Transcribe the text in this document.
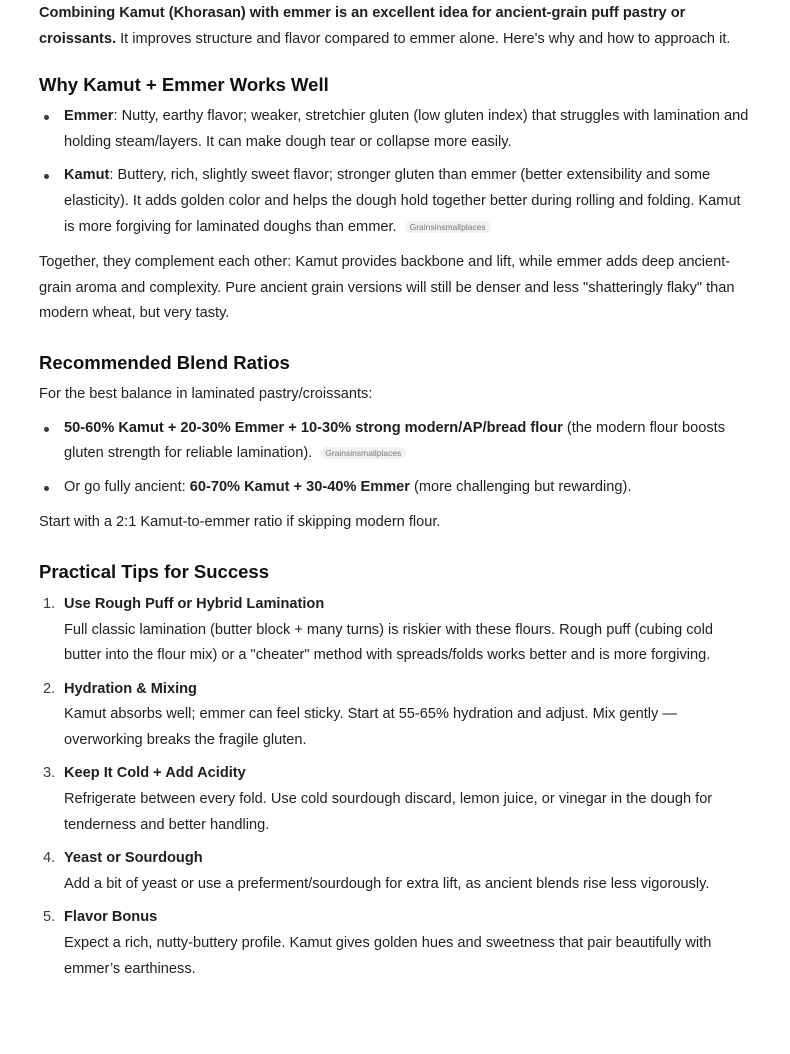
Combining Kamut (Khorasan) with emmer is an excellent idea for ancient-grain puff pastry or croissants. It improves structure and flavor compared to emmer alone. Here's why and how to approach it.

Why Kamut + Emmer Works Well
Emmer: Nutty, earthy flavor; weaker, stretchier gluten (low gluten index) that struggles with lamination and holding steam/layers. It can make dough tear or collapse more easily.
Kamut: Buttery, rich, slightly sweet flavor; stronger gluten than emmer (better extensibility and some elasticity). It adds golden color and helps the dough hold together better during rolling and folding. Kamut is more forgiving for laminated doughs than emmer. Grainsinsmallplaces

Together, they complement each other: Kamut provides backbone and lift, while emmer adds deep ancient-grain aroma and complexity. Pure ancient grain versions will still be denser and less "shatteringly flaky" than modern wheat, but very tasty.

Recommended Blend Ratios

For the best balance in laminated pastry/croissants:

50-60% Kamut + 20-30% Emmer + 10-30% strong modern/AP/bread flour (the modern flour boosts gluten strength for reliable lamination). Grainsinsmallplaces
Or go fully ancient: 60-70% Kamut + 30-40% Emmer (more challenging but rewarding).

Start with a 2:1 Kamut-to-emmer ratio if skipping modern flour.

Practical Tips for Success
1. Use Rough Puff or Hybrid Lamination
Full classic lamination (butter block + many turns) is riskier with these flours. Rough puff (cubing cold butter into the flour mix) or a "cheater" method with spreads/folds works better and is more forgiving.
2. Hydration & Mixing
Kamut absorbs well; emmer can feel sticky. Start at 55-65% hydration and adjust. Mix gently — overworking breaks the fragile gluten.
3. Keep It Cold + Add Acidity
Refrigerate between every fold. Use cold sourdough discard, lemon juice, or vinegar in the dough for tenderness and better handling.
4. Yeast or Sourdough
Add a bit of yeast or use a preferment/sourdough for extra lift, as ancient blends rise less vigorously.
5. Flavor Bonus
Expect a rich, nutty-buttery profile. Kamut gives golden hues and sweetness that pair beautifully with emmer’s earthiness.
